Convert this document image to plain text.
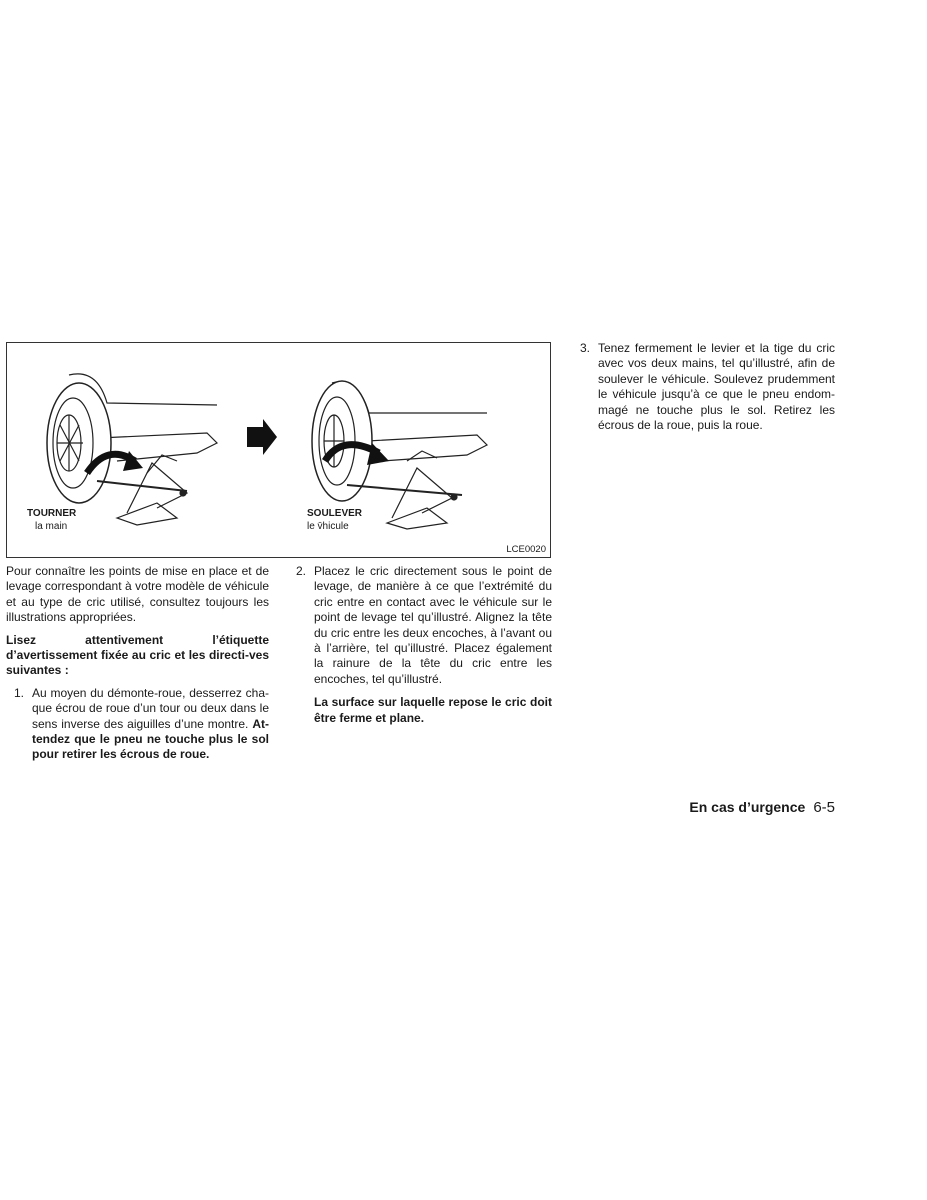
TOURNER
la main
SOULEVER
le v̄hicule
LCE0020

Pour connaître les points de mise en place et de levage correspondant à votre modèle de véhicule et au type de cric utilisé, consultez toujours les illustrations appropriées.

Lisez attentivement l’étiquette d’avertissement fixée au cric et les directi-ves suivantes :

1. Au moyen du démonte-roue, desserrez cha-que écrou de roue d’un tour ou deux dans le sens inverse des aiguilles d’une montre. At-tendez que le pneu ne touche plus le sol pour retirer les écrous de roue.

2. Placez le cric directement sous le point de levage, de manière à ce que l’extrémité du cric entre en contact avec le véhicule sur le point de levage tel qu’illustré. Alignez la tête du cric entre les deux encoches, à l’avant ou à l’arrière, tel qu’illustré. Placez également la rainure de la tête du cric entre les encoches, tel qu’illustré.

La surface sur laquelle repose le cric doit être ferme et plane.

3. Tenez fermement le levier et la tige du cric avec vos deux mains, tel qu’illustré, afin de soulever le véhicule. Soulevez prudemment le véhicule jusqu’à ce que le pneu endom-magé ne touche plus le sol. Retirez les écrous de la roue, puis la roue.

En cas d’urgence 6-5
